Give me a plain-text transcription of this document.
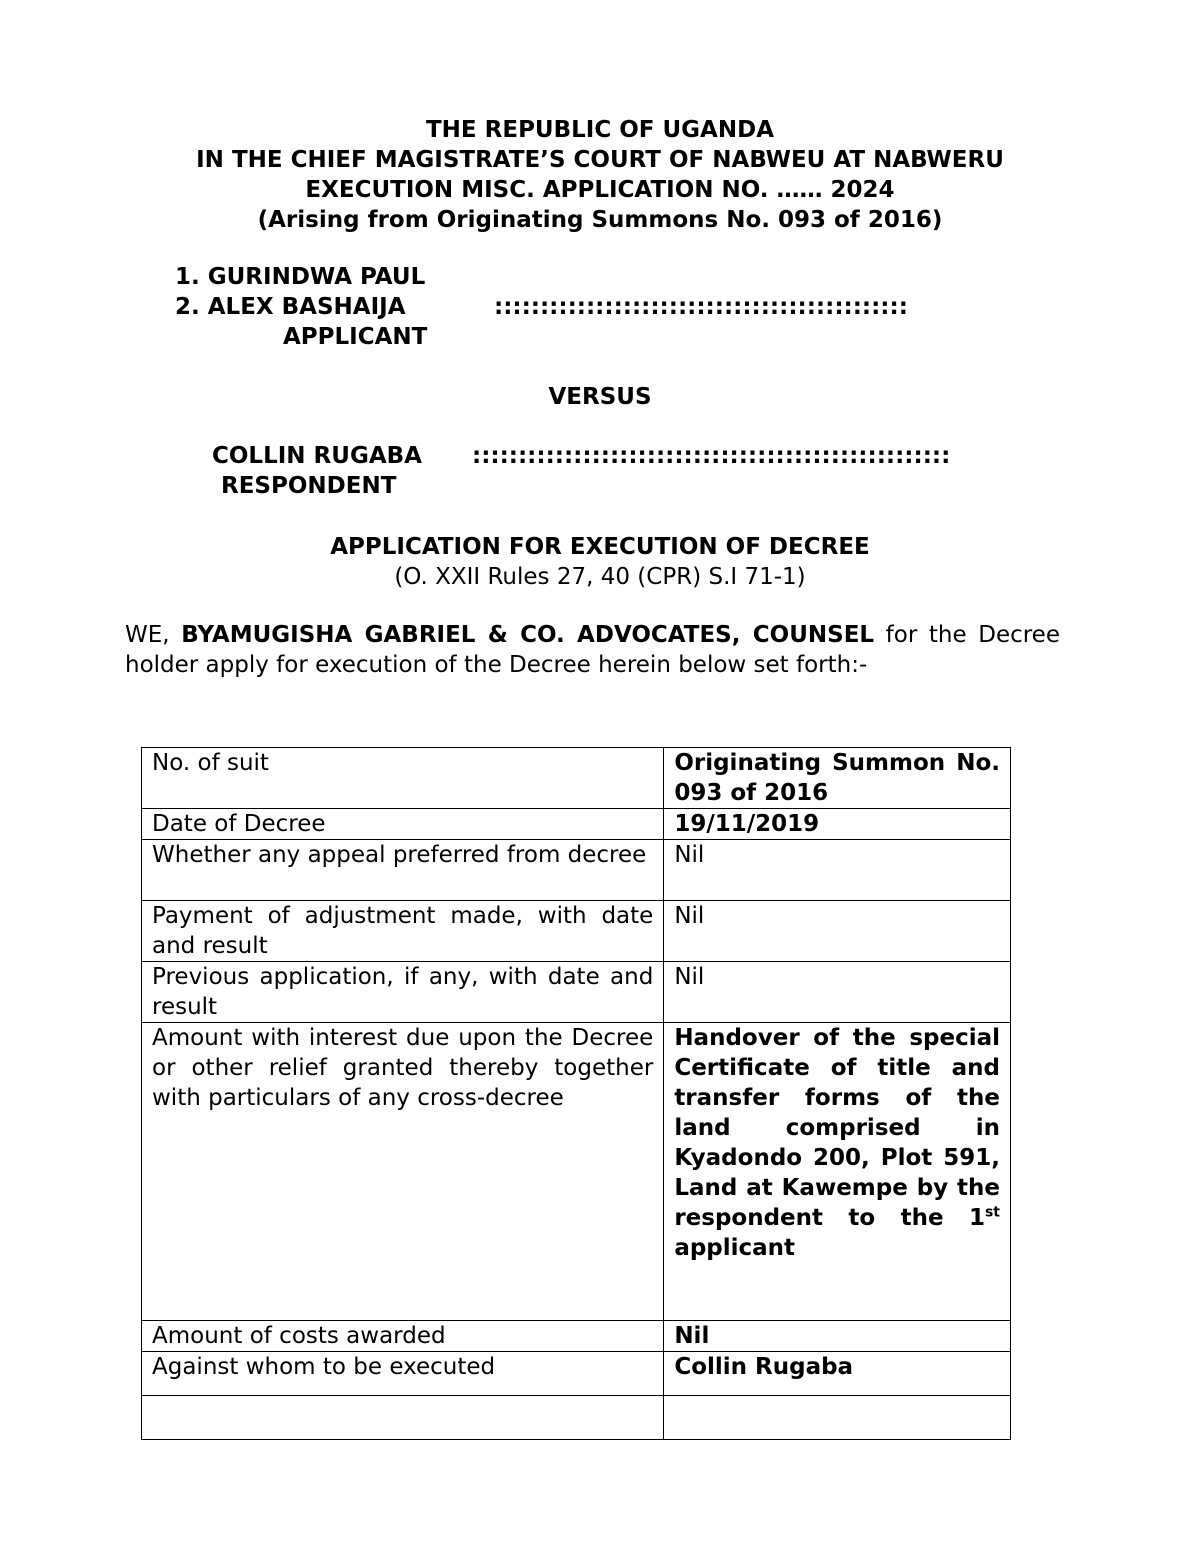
THE REPUBLIC OF UGANDA
IN THE CHIEF MAGISTRATE’S COURT OF NABWEU AT NABWERU
EXECUTION MISC. APPLICATION NO. …… 2024
(Arising from Originating Summons No. 093 of 2016)
1. GURINDWA PAUL
2. ALEX BASHAIJA	:::::::::::::::::::::::::::::::::::::::::::::
APPLICANT
VERSUS
COLLIN RUGABA ::::::::::::::::::::::::::::::::::::::::::::::::::::
RESPONDENT
APPLICATION FOR EXECUTION OF DECREE
(O. XXII Rules 27, 40 (CPR) S.I 71-1)
WE, BYAMUGISHA GABRIEL & CO. ADVOCATES, COUNSEL for the Decree holder apply for execution of the Decree herein below set forth:-
No. of suit	Originating Summon No. 093 of 2016
Date of Decree	19/11/2019
Whether any appeal preferred from decree	Nil
Payment of adjustment made, with date and result	Nil
Previous application, if any, with date and result	Nil
Amount with interest due upon the Decree or other relief granted thereby together with particulars of any cross-decree	Handover of the special Certificate of title and transfer forms of the land comprised in Kyadondo 200, Plot 591, Land at Kawempe by the respondent to the 1st applicant
Amount of costs awarded	Nil
Against whom to be executed	Collin Rugaba
